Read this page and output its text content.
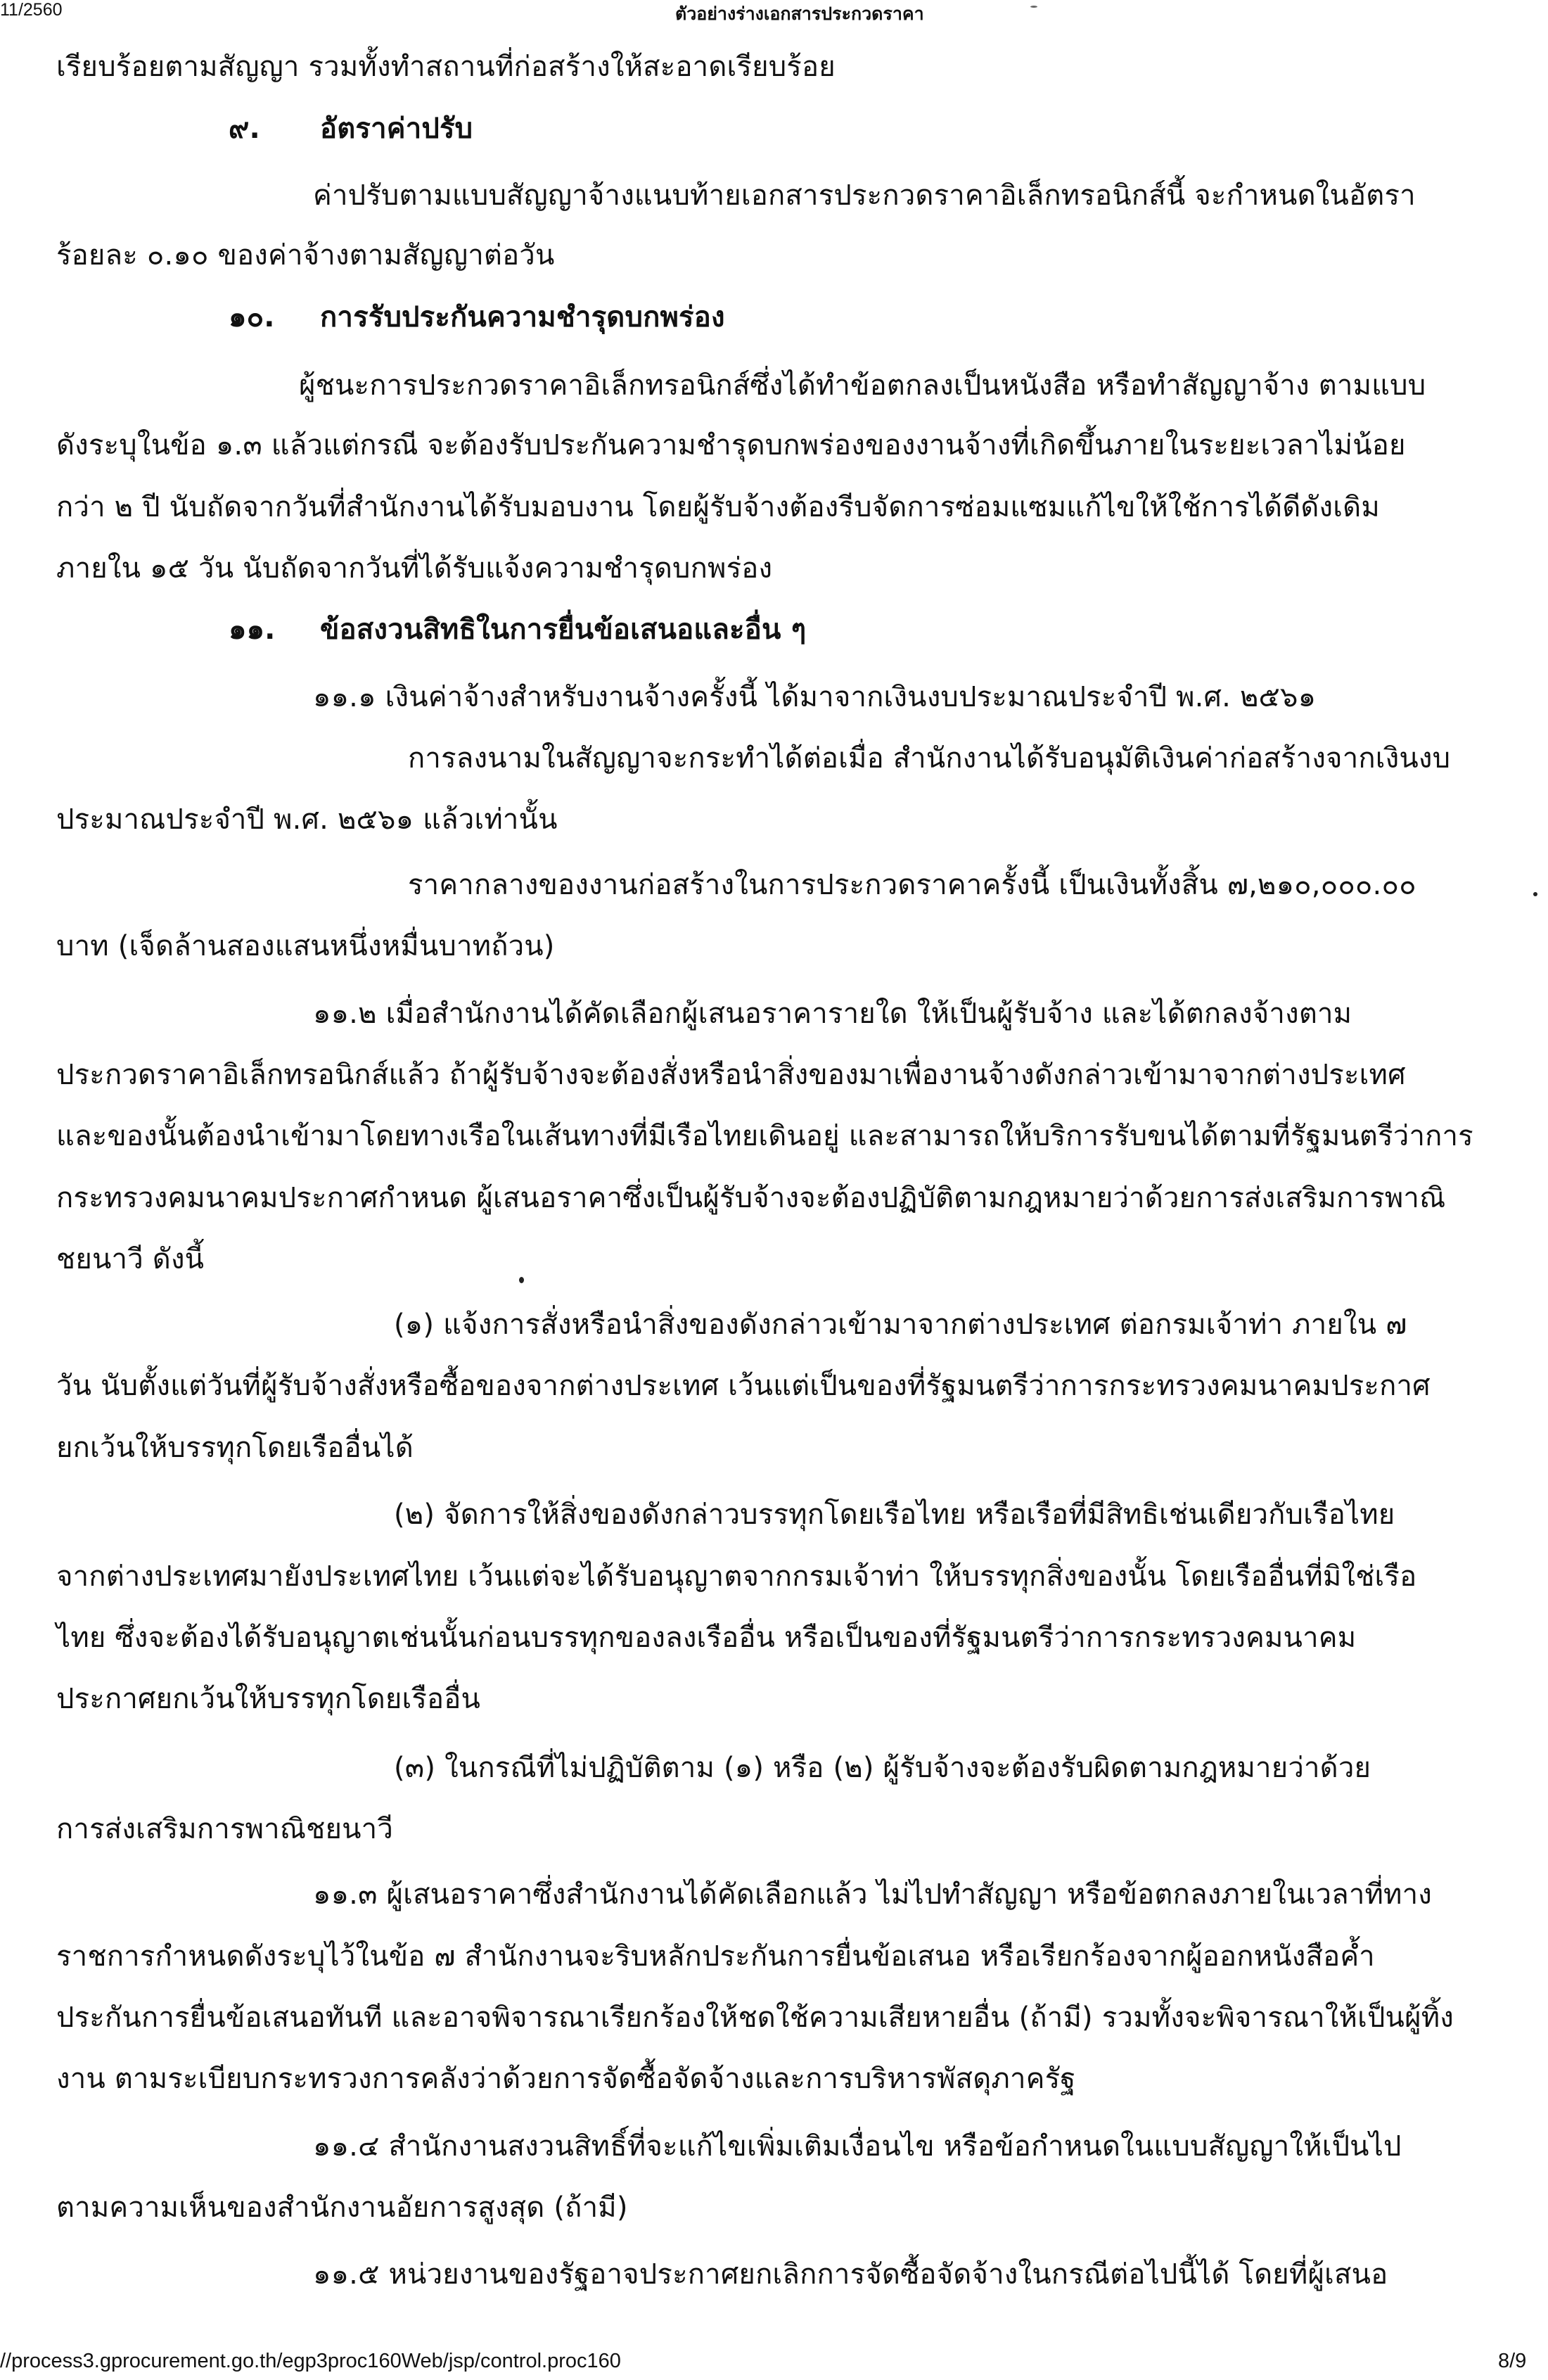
11/2560	ตัวอย่างร่างเอกสารประกวดราคา
เรียบร้อยตามสัญญา รวมทั้งทำสถานที่ก่อสร้างให้สะอาดเรียบร้อย
๙. อัตราค่าปรับ
ค่าปรับตามแบบสัญญาจ้างแนบท้ายเอกสารประกวดราคาอิเล็กทรอนิกส์นี้ จะกำหนดในอัตรา
ร้อยละ ๐.๑๐ ของค่าจ้างตามสัญญาต่อวัน
๑๐. การรับประกันความชำรุดบกพร่อง
ผู้ชนะการประกวดราคาอิเล็กทรอนิกส์ซึ่งได้ทำข้อตกลงเป็นหนังสือ หรือทำสัญญาจ้าง ตามแบบ
ดังระบุในข้อ ๑.๓ แล้วแต่กรณี จะต้องรับประกันความชำรุดบกพร่องของงานจ้างที่เกิดขึ้นภายในระยะเวลาไม่น้อย
กว่า ๒ ปี นับถัดจากวันที่สำนักงานได้รับมอบงาน โดยผู้รับจ้างต้องรีบจัดการซ่อมแซมแก้ไขให้ใช้การได้ดีดังเดิม
ภายใน ๑๕ วัน นับถัดจากวันที่ได้รับแจ้งความชำรุดบกพร่อง
๑๑. ข้อสงวนสิทธิในการยื่นข้อเสนอและอื่น ๆ
๑๑.๑ เงินค่าจ้างสำหรับงานจ้างครั้งนี้ ได้มาจากเงินงบประมาณประจำปี พ.ศ. ๒๕๖๑
การลงนามในสัญญาจะกระทำได้ต่อเมื่อ สำนักงานได้รับอนุมัติเงินค่าก่อสร้างจากเงินงบ
ประมาณประจำปี พ.ศ. ๒๕๖๑ แล้วเท่านั้น
ราคากลางของงานก่อสร้างในการประกวดราคาครั้งนี้ เป็นเงินทั้งสิ้น ๗,๒๑๐,๐๐๐.๐๐
บาท (เจ็ดล้านสองแสนหนึ่งหมื่นบาทถ้วน)
๑๑.๒ เมื่อสำนักงานได้คัดเลือกผู้เสนอราคารายใด ให้เป็นผู้รับจ้าง และได้ตกลงจ้างตาม
ประกวดราคาอิเล็กทรอนิกส์แล้ว ถ้าผู้รับจ้างจะต้องสั่งหรือนำสิ่งของมาเพื่องานจ้างดังกล่าวเข้ามาจากต่างประเทศ
และของนั้นต้องนำเข้ามาโดยทางเรือในเส้นทางที่มีเรือไทยเดินอยู่ และสามารถให้บริการรับขนได้ตามที่รัฐมนตรีว่าการ
กระทรวงคมนาคมประกาศกำหนด ผู้เสนอราคาซึ่งเป็นผู้รับจ้างจะต้องปฏิบัติตามกฎหมายว่าด้วยการส่งเสริมการพาณิ
ชยนาวี ดังนี้
(๑) แจ้งการสั่งหรือนำสิ่งของดังกล่าวเข้ามาจากต่างประเทศ ต่อกรมเจ้าท่า ภายใน ๗
วัน นับตั้งแต่วันที่ผู้รับจ้างสั่งหรือซื้อของจากต่างประเทศ เว้นแต่เป็นของที่รัฐมนตรีว่าการกระทรวงคมนาคมประกาศ
ยกเว้นให้บรรทุกโดยเรืออื่นได้
(๒) จัดการให้สิ่งของดังกล่าวบรรทุกโดยเรือไทย หรือเรือที่มีสิทธิเช่นเดียวกับเรือไทย
จากต่างประเทศมายังประเทศไทย เว้นแต่จะได้รับอนุญาตจากกรมเจ้าท่า ให้บรรทุกสิ่งของนั้น โดยเรืออื่นที่มิใช่เรือ
ไทย ซึ่งจะต้องได้รับอนุญาตเช่นนั้นก่อนบรรทุกของลงเรืออื่น หรือเป็นของที่รัฐมนตรีว่าการกระทรวงคมนาคม
ประกาศยกเว้นให้บรรทุกโดยเรืออื่น
(๓) ในกรณีที่ไม่ปฏิบัติตาม (๑) หรือ (๒) ผู้รับจ้างจะต้องรับผิดตามกฎหมายว่าด้วย
การส่งเสริมการพาณิชยนาวี
๑๑.๓ ผู้เสนอราคาซึ่งสำนักงานได้คัดเลือกแล้ว ไม่ไปทำสัญญา หรือข้อตกลงภายในเวลาที่ทาง
ราชการกำหนดดังระบุไว้ในข้อ ๗ สำนักงานจะริบหลักประกันการยื่นข้อเสนอ หรือเรียกร้องจากผู้ออกหนังสือค้ำ
ประกันการยื่นข้อเสนอทันที และอาจพิจารณาเรียกร้องให้ชดใช้ความเสียหายอื่น (ถ้ามี) รวมทั้งจะพิจารณาให้เป็นผู้ทิ้ง
งาน ตามระเบียบกระทรวงการคลังว่าด้วยการจัดซื้อจัดจ้างและการบริหารพัสดุภาครัฐ
๑๑.๔ สำนักงานสงวนสิทธิ์ที่จะแก้ไขเพิ่มเติมเงื่อนไข หรือข้อกำหนดในแบบสัญญาให้เป็นไป
ตามความเห็นของสำนักงานอัยการสูงสุด (ถ้ามี)
๑๑.๕ หน่วยงานของรัฐอาจประกาศยกเลิกการจัดซื้อจัดจ้างในกรณีต่อไปนี้ได้ โดยที่ผู้เสนอ
//process3.gprocurement.go.th/egp3proc160Web/jsp/control.proc160	8/9
